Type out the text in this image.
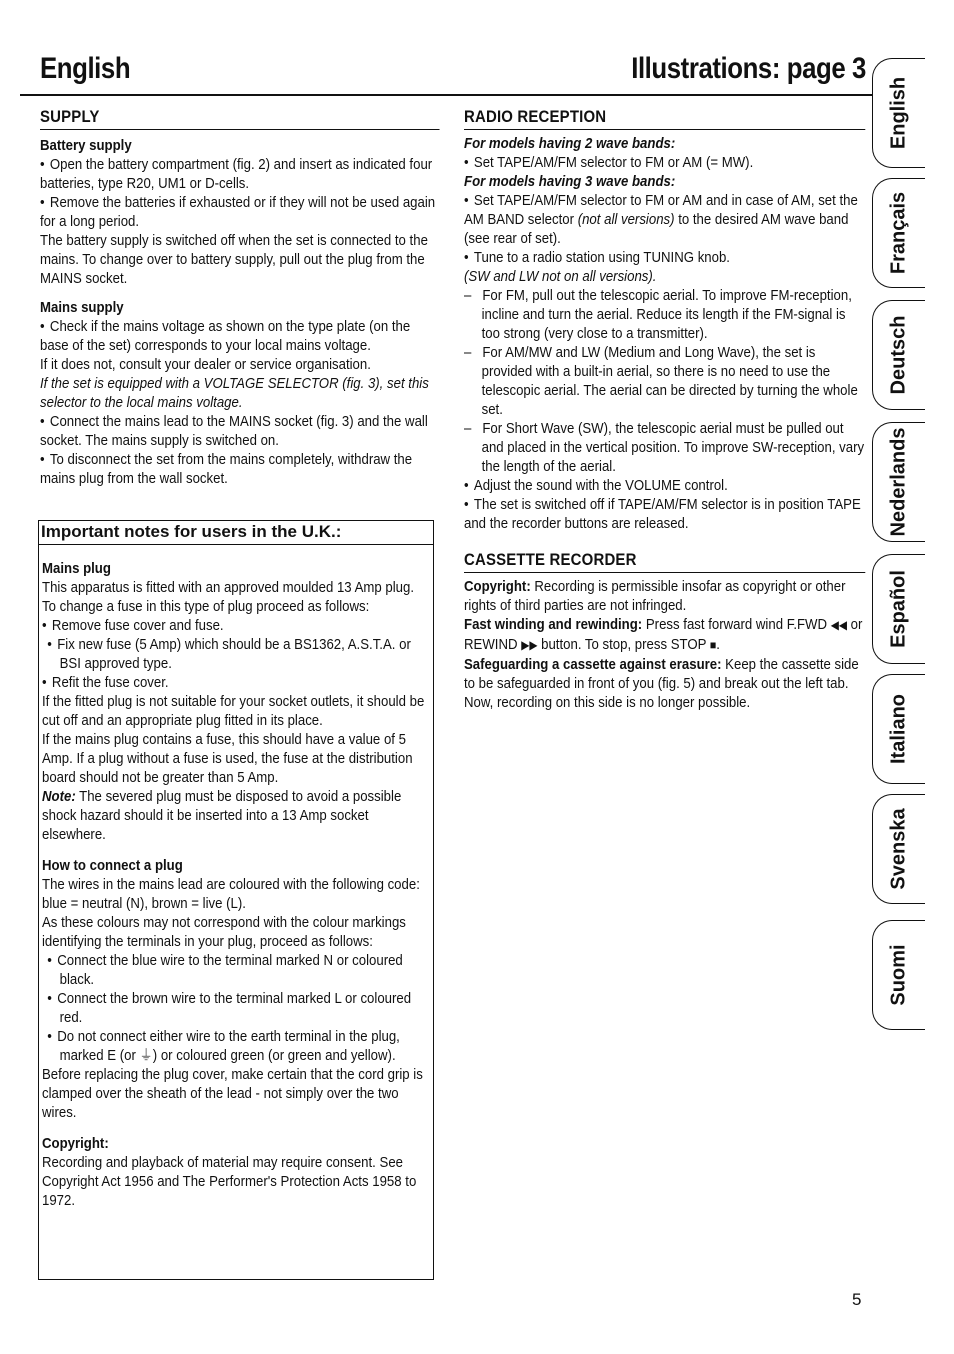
English	Illustrations: page 3
SUPPLY
Battery supply

• Open the battery compartment (fig. 2) and insert as indicated four batteries, type R20, UM1 or D-cells.

• Remove the batteries if exhausted or if they will not be used again for a long period.

The battery supply is switched off when the set is connected to the mains. To change over to battery supply, pull out the plug from the MAINS socket.

Mains supply

• Check if the mains voltage as shown on the type plate (on the base of the set) corresponds to your local mains voltage.

If it does not, consult your dealer or service organisation.

If the set is equipped with a VOLTAGE SELECTOR (fig. 3), set this selector to the local mains voltage.

• Connect the mains lead to the MAINS socket (fig. 3) and the wall socket. The mains supply is switched on.

• To disconnect the set from the mains completely, withdraw the mains plug from the wall socket.

Important notes for users in the U.K.:
Mains plug

This apparatus is fitted with an approved moulded 13 Amp plug. To change a fuse in this type of plug proceed as follows:

• Remove fuse cover and fuse.

• Fix new fuse (5 Amp) which should be a BS1362, A.S.T.A. or BSI approved type.

• Refit the fuse cover.

If the fitted plug is not suitable for your socket outlets, it should be cut off and an appropriate plug fitted in its place.

If the mains plug contains a fuse, this should have a value of 5 Amp. If a plug without a fuse is used, the fuse at the distribution board should not be greater than 5 Amp.

Note: The severed plug must be disposed to avoid a possible shock hazard should it be inserted into a 13 Amp socket elsewhere.

How to connect a plug

The wires in the mains lead are coloured with the following code: blue = neutral (N), brown = live (L).

As these colours may not correspond with the colour markings identifying the terminals in your plug, proceed as follows:

• Connect the blue wire to the terminal marked N or coloured black.

• Connect the brown wire to the terminal marked L or coloured red.

• Do not connect either wire to the earth terminal in the plug, marked E (or ⏚) or coloured green (or green and yellow).

Before replacing the plug cover, make certain that the cord grip is clamped over the sheath of the lead - not simply over the two wires.

Copyright:

Recording and playback of material may require consent. See Copyright Act 1956 and The Performer's Protection Acts 1958 to 1972.

RADIO RECEPTION

For models having 2 wave bands:

• Set TAPE/AM/FM selector to FM or AM (= MW).

For models having 3 wave bands:

• Set TAPE/AM/FM selector to FM or AM and in case of AM, set the AM BAND selector (not all versions) to the desired AM wave band (see rear of set).

• Tune to a radio station using TUNING knob.

(SW and LW not on all versions).

–   For FM, pull out the telescopic aerial. To improve FM-reception, incline and turn the aerial. Reduce its length if the FM-signal is too strong (very close to a transmitter).

–   For AM/MW and LW (Medium and Long Wave), the set is provided with a built-in aerial, so there is no need to use the telescopic aerial. The aerial can be directed by turning the whole set.

–   For Short Wave (SW), the telescopic aerial must be pulled out and placed in the vertical position. To improve SW-reception, vary the length of the aerial.

• Adjust the sound with the VOLUME control.

• The set is switched off if TAPE/AM/FM selector is in position TAPE and the recorder buttons are released.

CASSETTE RECORDER

Copyright: Recording is permissible insofar as copyright or other rights of third parties are not infringed.

Fast winding and rewinding: Press fast forward wind F.FWD ◀◀ or REWIND ▶▶ button. To stop, press STOP ■.

Safeguarding a cassette against erasure: Keep the cassette side to be safeguarded in front of you (fig. 5) and break out the left tab. Now, recording on this side is no longer possible.

English
Français
Deutsch
Nederlands
Español
Italiano
Svenska
Suomi
5
